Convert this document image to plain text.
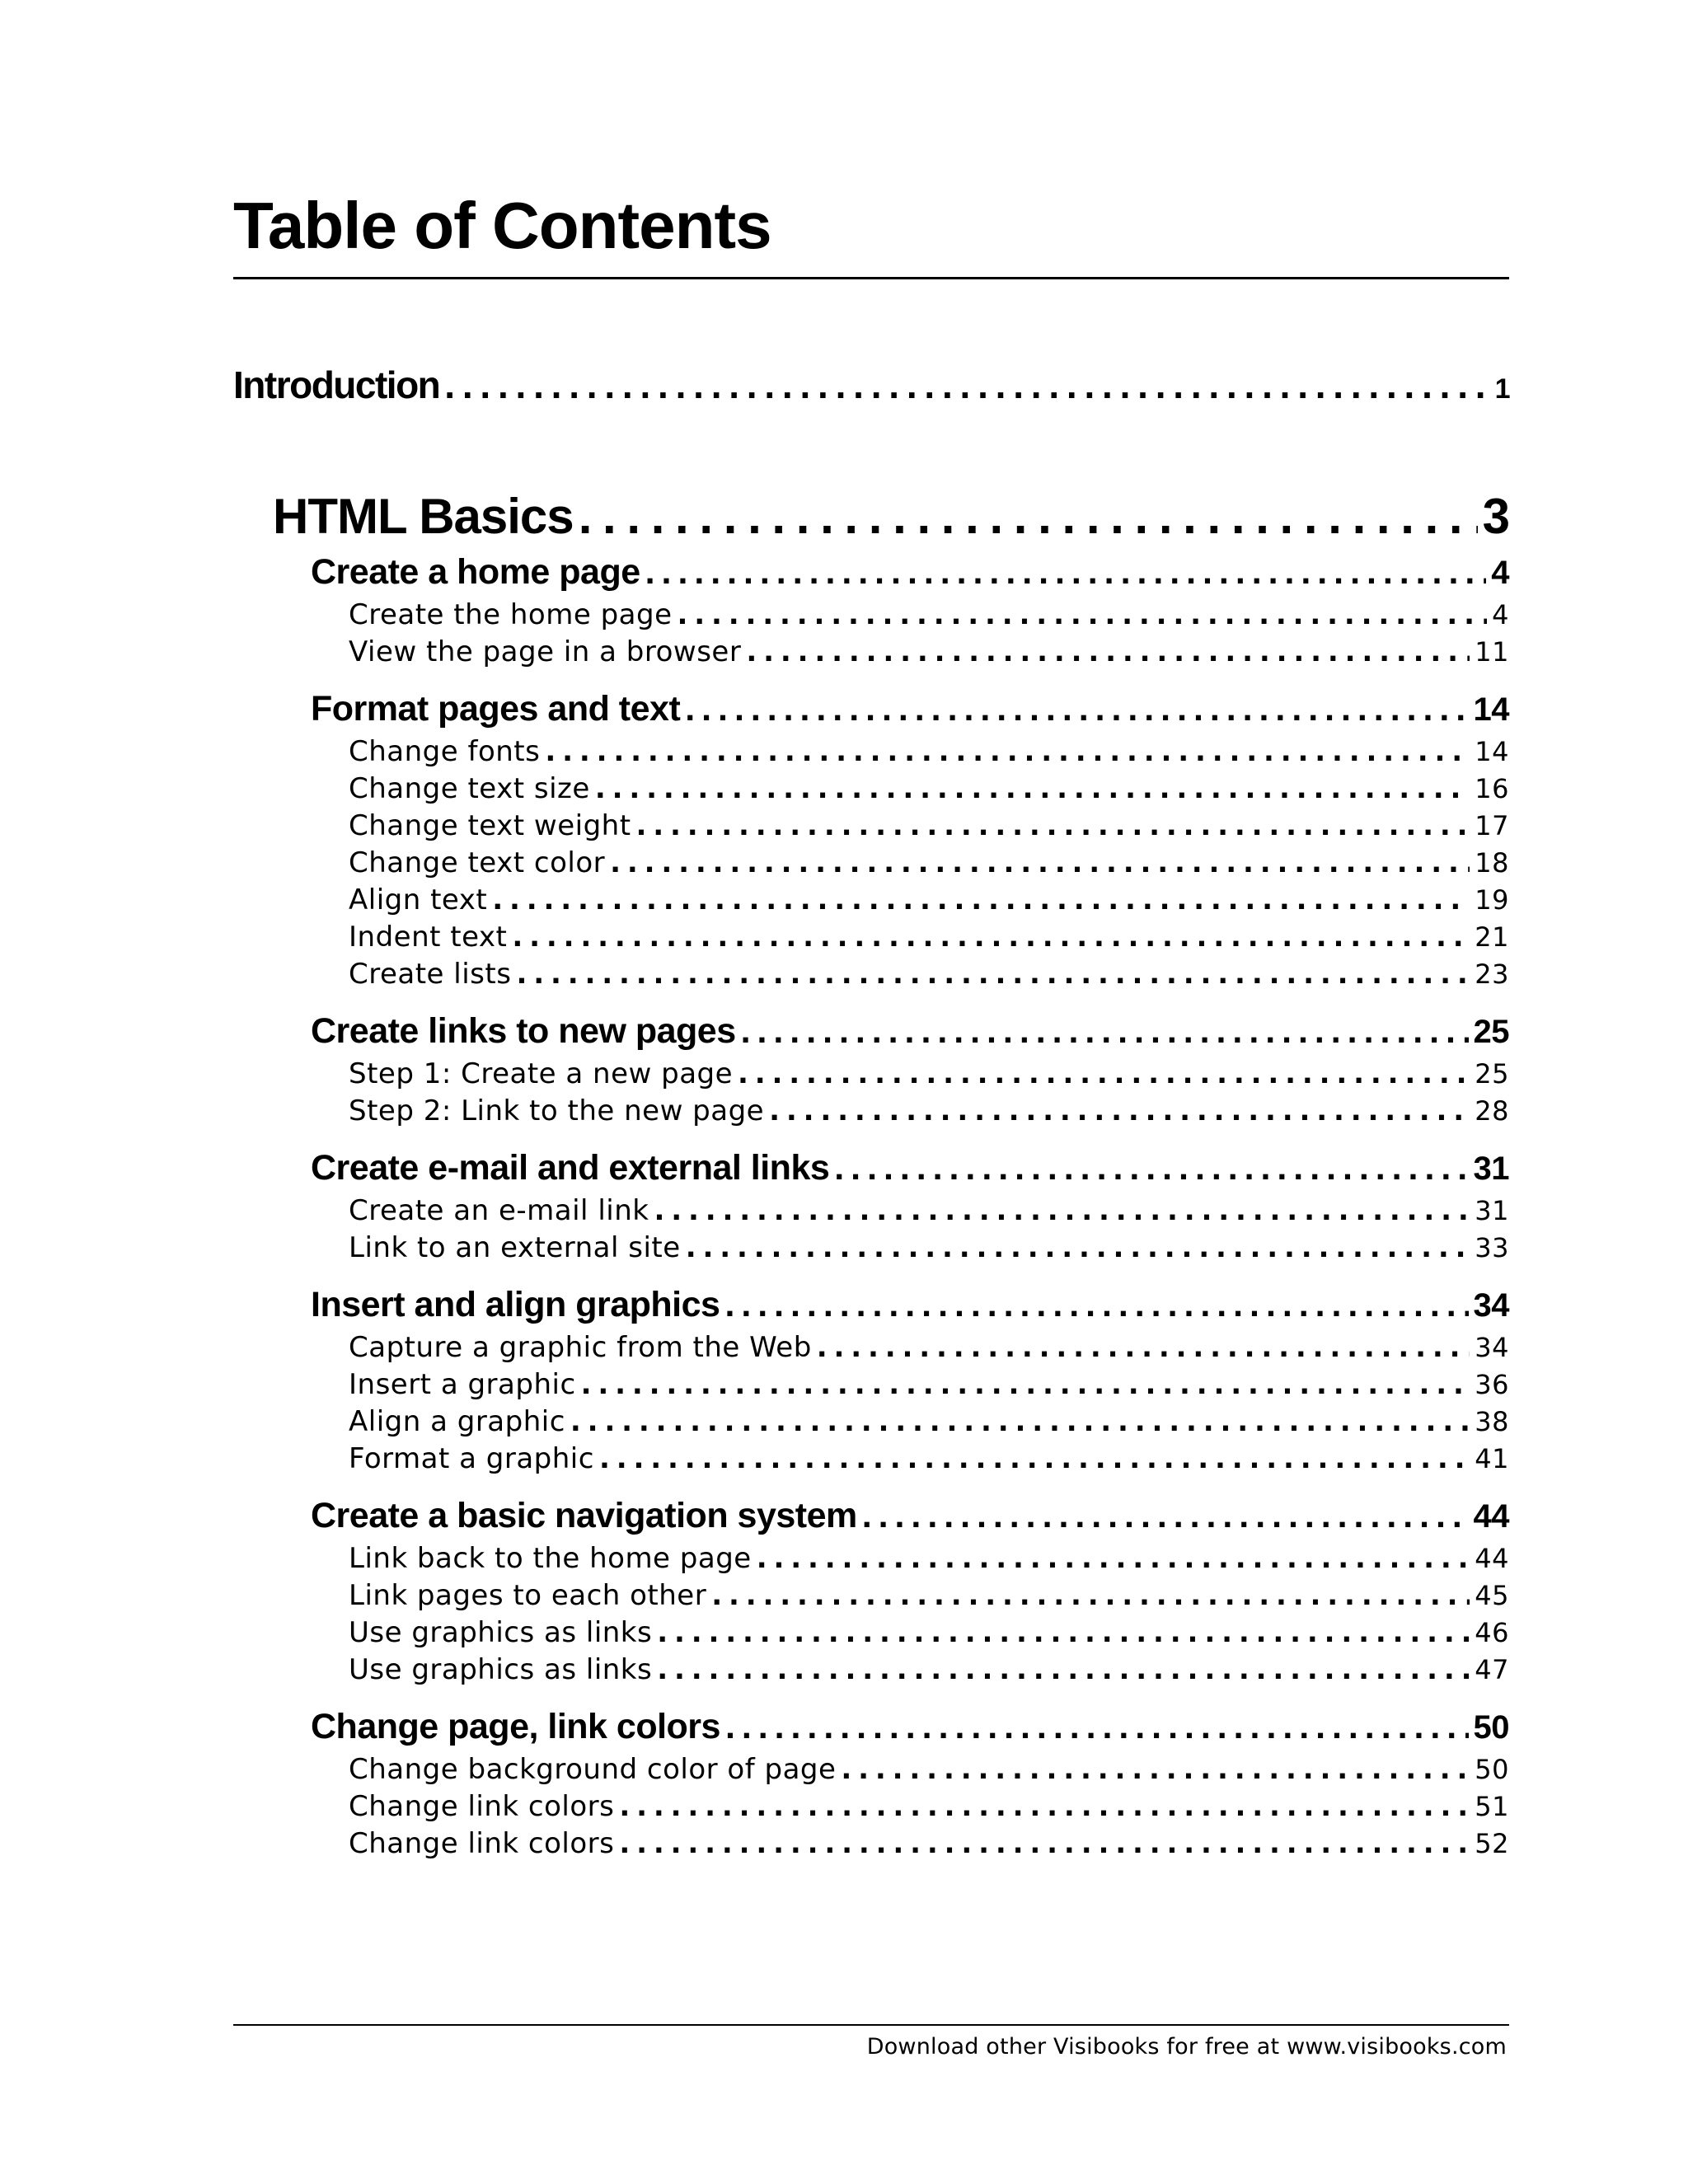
Table of Contents
Introduction . . .	1
HTML Basics . . .	3
Create a home page . . .	4
Create the home page . . .	4
View the page in a browser . . .	11
Format pages and text . . .	14
Change fonts . . .	14
Change text size . . .	16
Change text weight . . .	17
Change text color . . .	18
Align text . . .	19
Indent text . . .	21
Create lists . . .	23
Create links to new pages . . .	25
Step 1: Create a new page . . .	25
Step 2: Link to the new page . . .	28
Create e-mail and external links . . .	31
Create an e-mail link . . .	31
Link to an external site . . .	33
Insert and align graphics . . .	34
Capture a graphic from the Web . . .	34
Insert a graphic . . .	36
Align a graphic . . .	38
Format a graphic . . .	41
Create a basic navigation system . . .	44
Link back to the home page . . .	44
Link pages to each other . . .	45
Use graphics as links . . .	46
Use graphics as links . . .	47
Change page, link colors . . .	50
Change background color of page . . .	50
Change link colors . . .	51
Change link colors . . .	52
Download other Visibooks for free at www.visibooks.com
